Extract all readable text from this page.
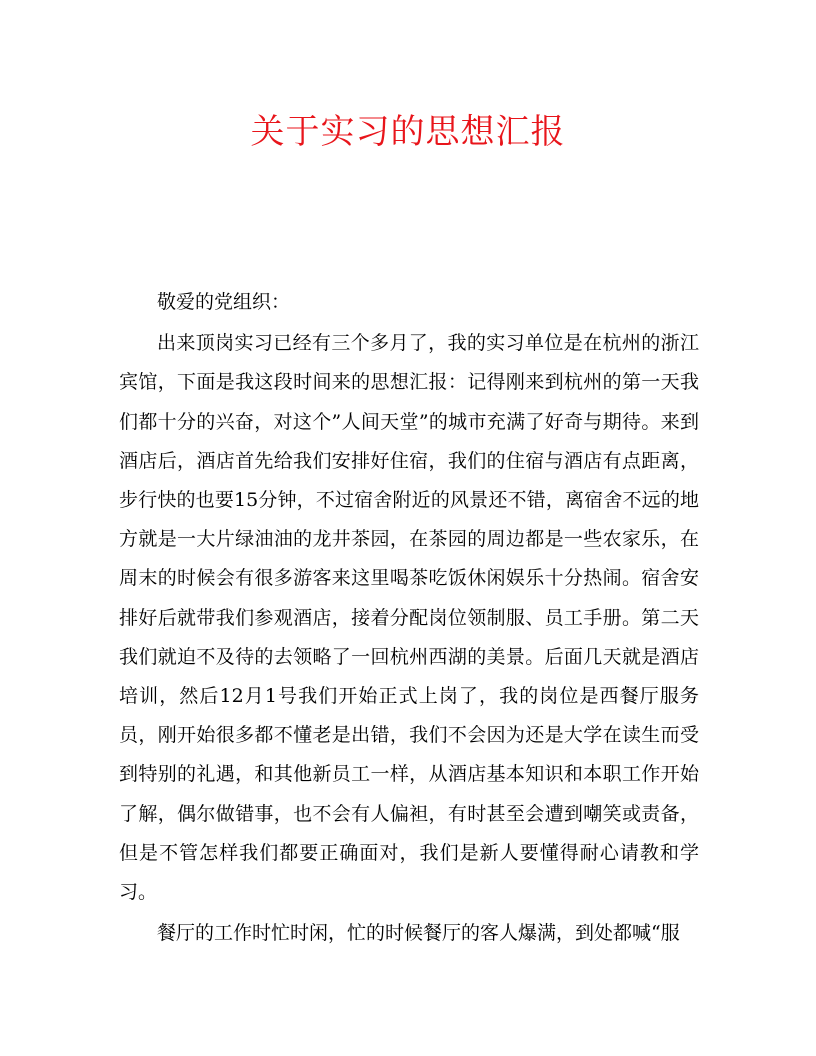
关于实习的思想汇报

敬爱的党组织：

出来顶岗实习已经有三个多月了，我的实习单位是在杭州的浙江宾馆，下面是我这段时间来的思想汇报：记得刚来到杭州的第一天我们都十分的兴奋，对这个”人间天堂”的城市充满了好奇与期待。来到酒店后，酒店首先给我们安排好住宿，我们的住宿与酒店有点距离，步行快的也要15分钟，不过宿舍附近的风景还不错，离宿舍不远的地方就是一大片绿油油的龙井茶园，在茶园的周边都是一些农家乐，在周末的时候会有很多游客来这里喝茶吃饭休闲娱乐十分热闹。宿舍安排好后就带我们参观酒店，接着分配岗位领制服、员工手册。第二天我们就迫不及待的去领略了一回杭州西湖的美景。后面几天就是酒店培训，然后12月1号我们开始正式上岗了，我的岗位是西餐厅服务员，刚开始很多都不懂老是出错，我们不会因为还是大学在读生而受到特别的礼遇，和其他新员工一样，从酒店基本知识和本职工作开始了解，偶尔做错事，也不会有人偏袒，有时甚至会遭到嘲笑或责备，但是不管怎样我们都要正确面对，我们是新人要懂得耐心请教和学习。

餐厅的工作时忙时闲，忙的时候餐厅的客人爆满，到处都喊“服
